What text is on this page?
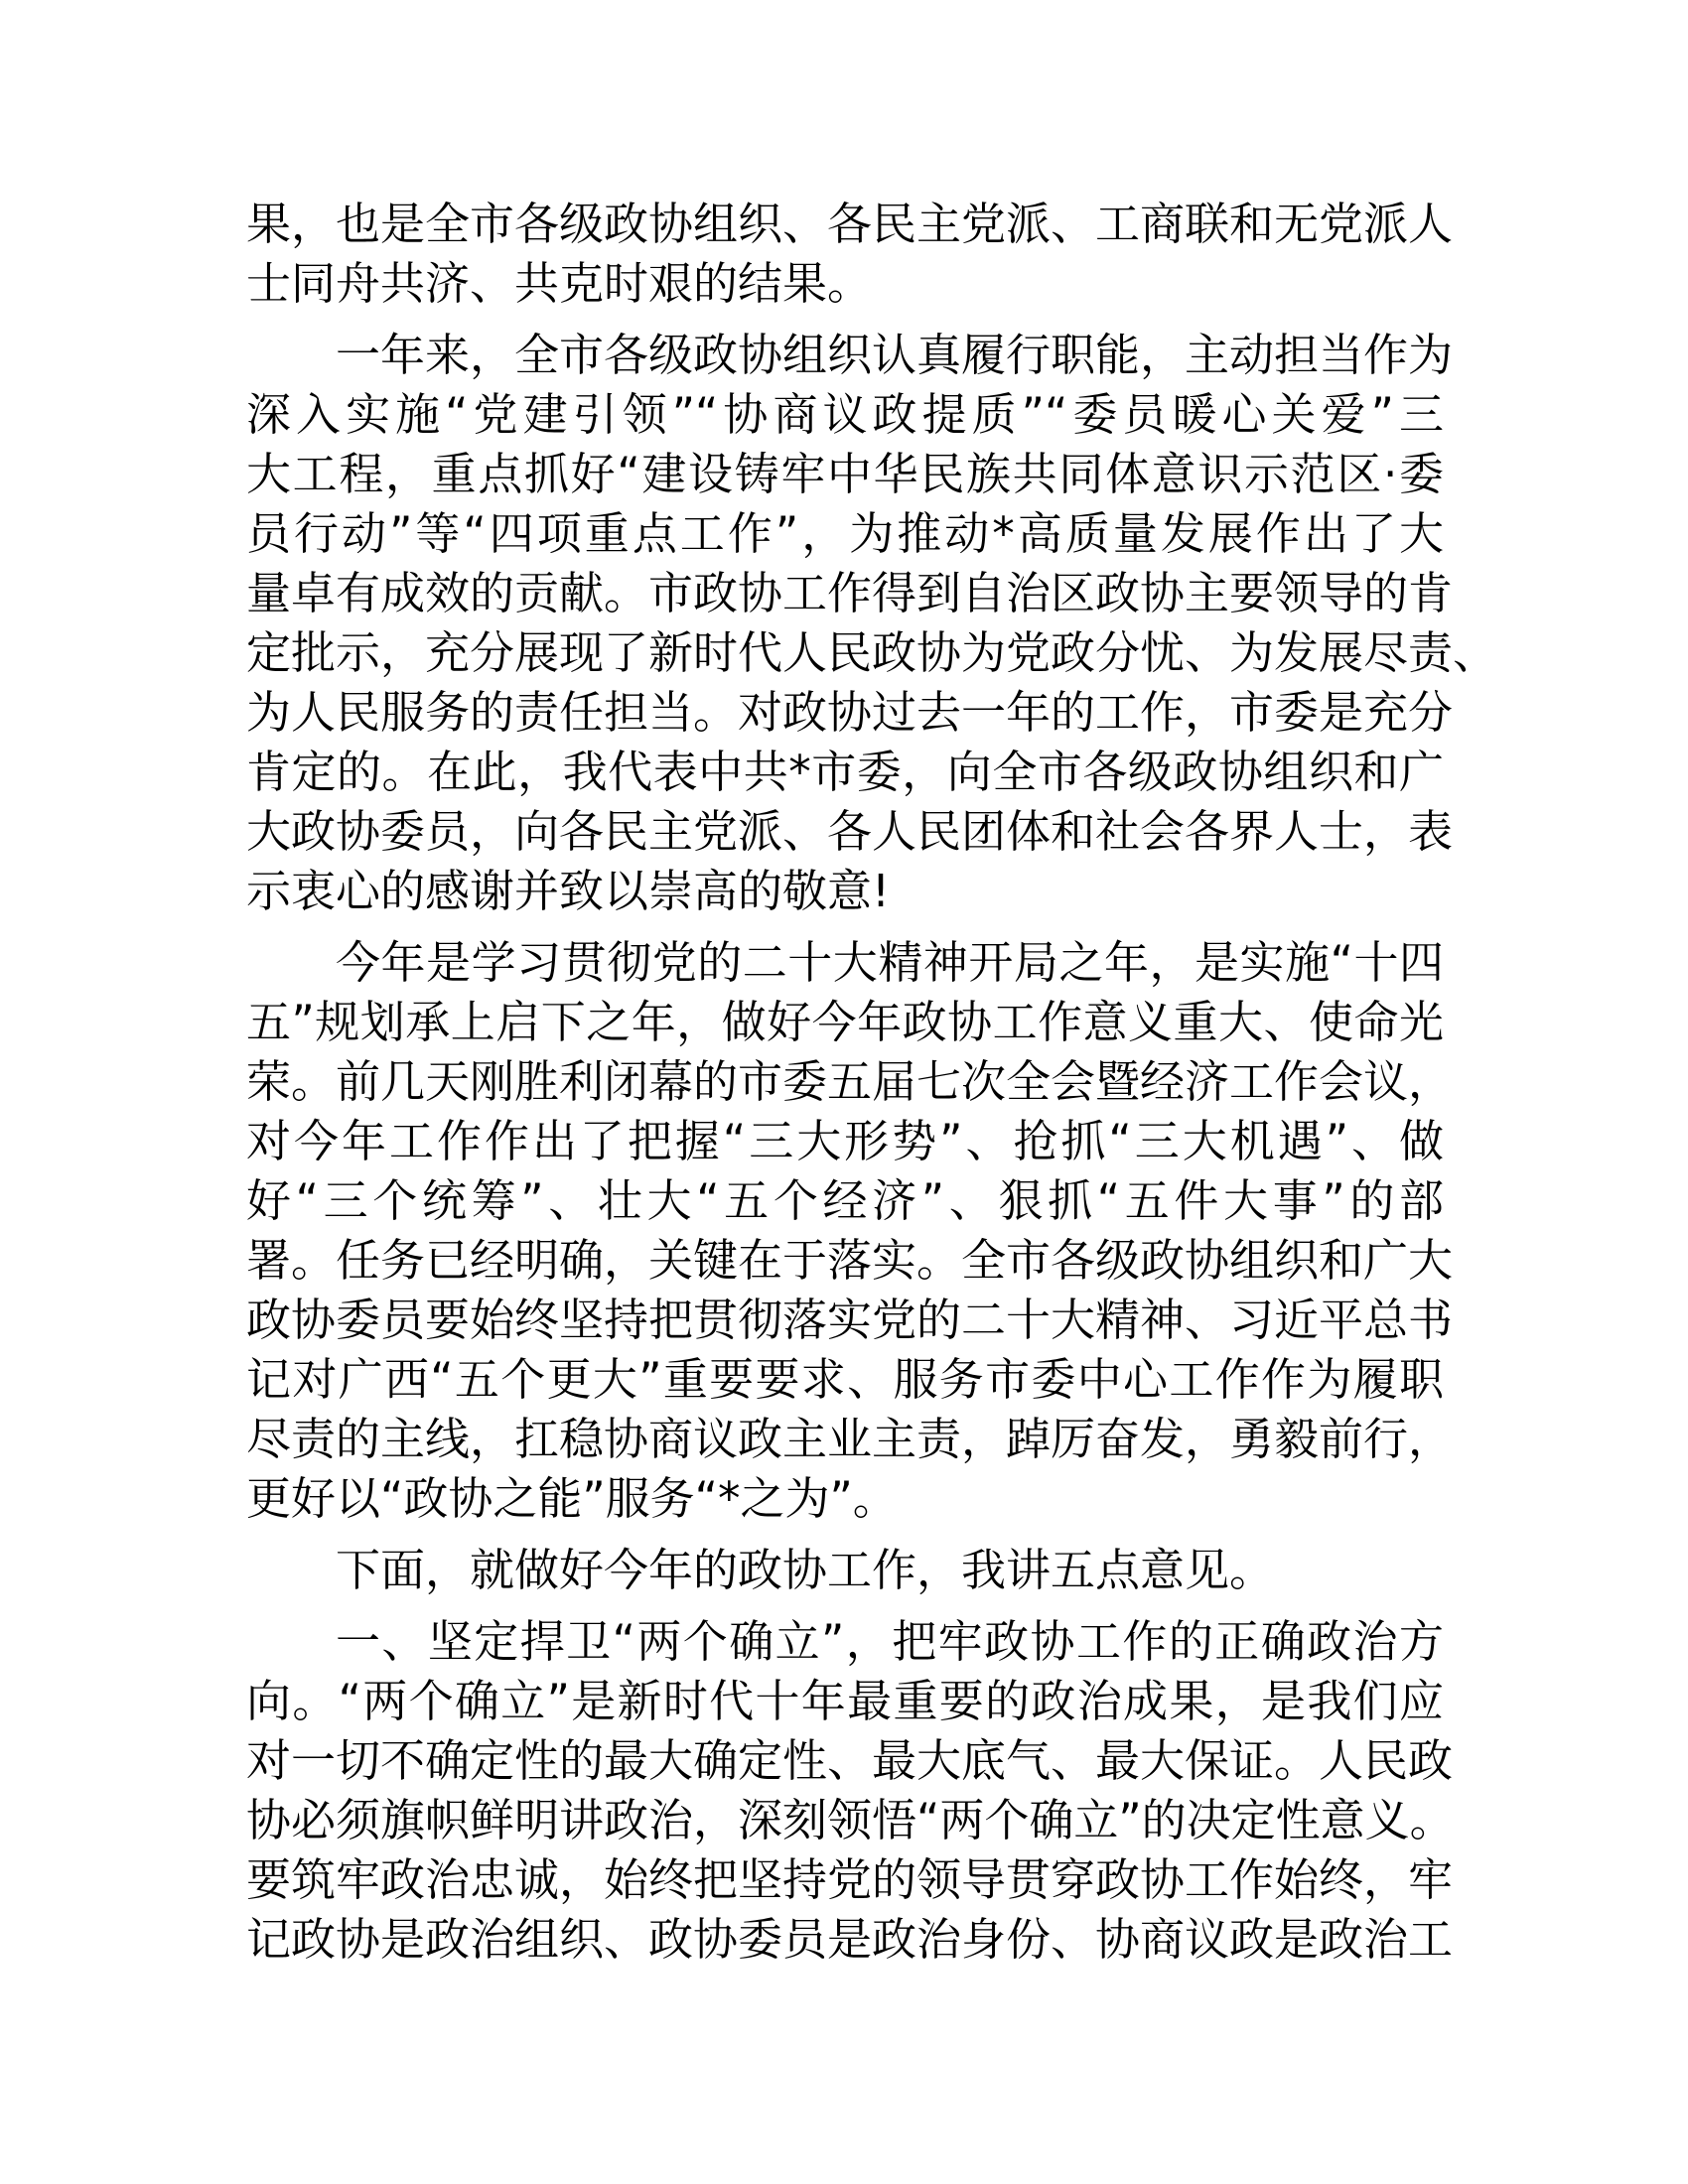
果，也是全市各级政协组织、各民主党派、工商联和无党派人
士同舟共济、共克时艰的结果。
一年来，全市各级政协组织认真履行职能，主动担当作为
深入实施“党建引领”“协商议政提质”“委员暖心关爱”三
大工程，重点抓好“建设铸牢中华民族共同体意识示范区·委
员行动”等“四项重点工作”，为推动*高质量发展作出了大
量卓有成效的贡献。市政协工作得到自治区政协主要领导的肯
定批示，充分展现了新时代人民政协为党政分忧、为发展尽责、
为人民服务的责任担当。对政协过去一年的工作，市委是充分
肯定的。在此，我代表中共*市委，向全市各级政协组织和广
大政协委员，向各民主党派、各人民团体和社会各界人士，表
示衷心的感谢并致以崇高的敬意!
今年是学习贯彻党的二十大精神开局之年，是实施“十四
五”规划承上启下之年，做好今年政协工作意义重大、使命光
荣。前几天刚胜利闭幕的市委五届七次全会暨经济工作会议，
对今年工作作出了把握“三大形势”、抢抓“三大机遇”、做
好“三个统筹”、壮大“五个经济”、狠抓“五件大事”的部
署。任务已经明确，关键在于落实。全市各级政协组织和广大
政协委员要始终坚持把贯彻落实党的二十大精神、习近平总书
记对广西“五个更大”重要要求、服务市委中心工作作为履职
尽责的主线，扛稳协商议政主业主责，踔厉奋发，勇毅前行，
更好以“政协之能”服务“*之为”。
下面，就做好今年的政协工作，我讲五点意见。
一、坚定捍卫“两个确立”，把牢政协工作的正确政治方
向。“两个确立”是新时代十年最重要的政治成果，是我们应
对一切不确定性的最大确定性、最大底气、最大保证。人民政
协必须旗帜鲜明讲政治，深刻领悟“两个确立”的决定性意义。
要筑牢政治忠诚，始终把坚持党的领导贯穿政协工作始终，牢
记政协是政治组织、政协委员是政治身份、协商议政是政治工
